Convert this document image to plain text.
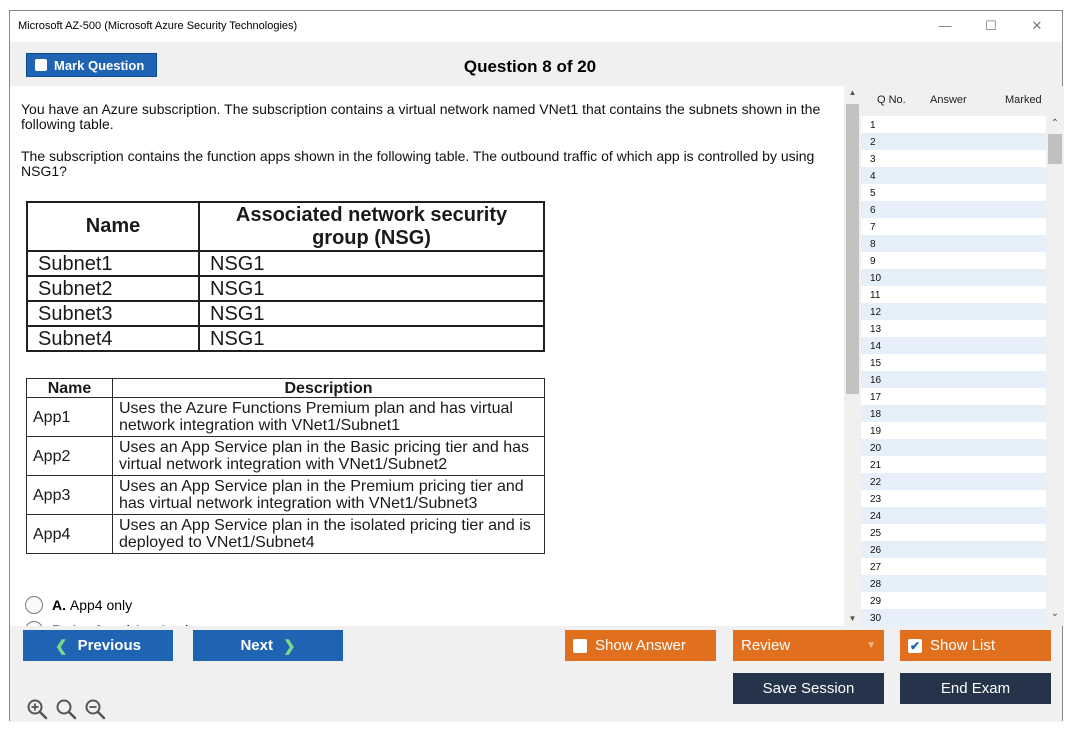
Microsoft AZ-500 (Microsoft Azure Security Technologies)	—	☐	✕
Mark Question	Question 8 of 20
You have an Azure subscription. The subscription contains a virtual network named VNet1 that contains the subnets shown in the following table.
The subscription contains the function apps shown in the following table. The outbound traffic of which app is controlled by using NSG1?
Name	Associated network security group (NSG)
Subnet1	NSG1
Subnet2	NSG1
Subnet3	NSG1
Subnet4	NSG1
Name	Description
App1	Uses the Azure Functions Premium plan and has virtual network integration with VNet1/Subnet1
App2	Uses an App Service plan in the Basic pricing tier and has virtual network integration with VNet1/Subnet2
App3	Uses an App Service plan in the Premium pricing tier and has virtual network integration with VNet1/Subnet3
App4	Uses an App Service plan in the isolated pricing tier and is deployed to VNet1/Subnet4
A.
App4 only

▲
▼
Q No. Answer	Marked
1
2
3
4
5
6
7
8
9
10
11
12
13
14
15
16
17
18
19
20
21
22
23
24
25
26
27
28
29
30
⌃
⌄
❮ Previous	Next ❯	Show Answer	Review	▼	✔ Show List
Save Session	End Exam
